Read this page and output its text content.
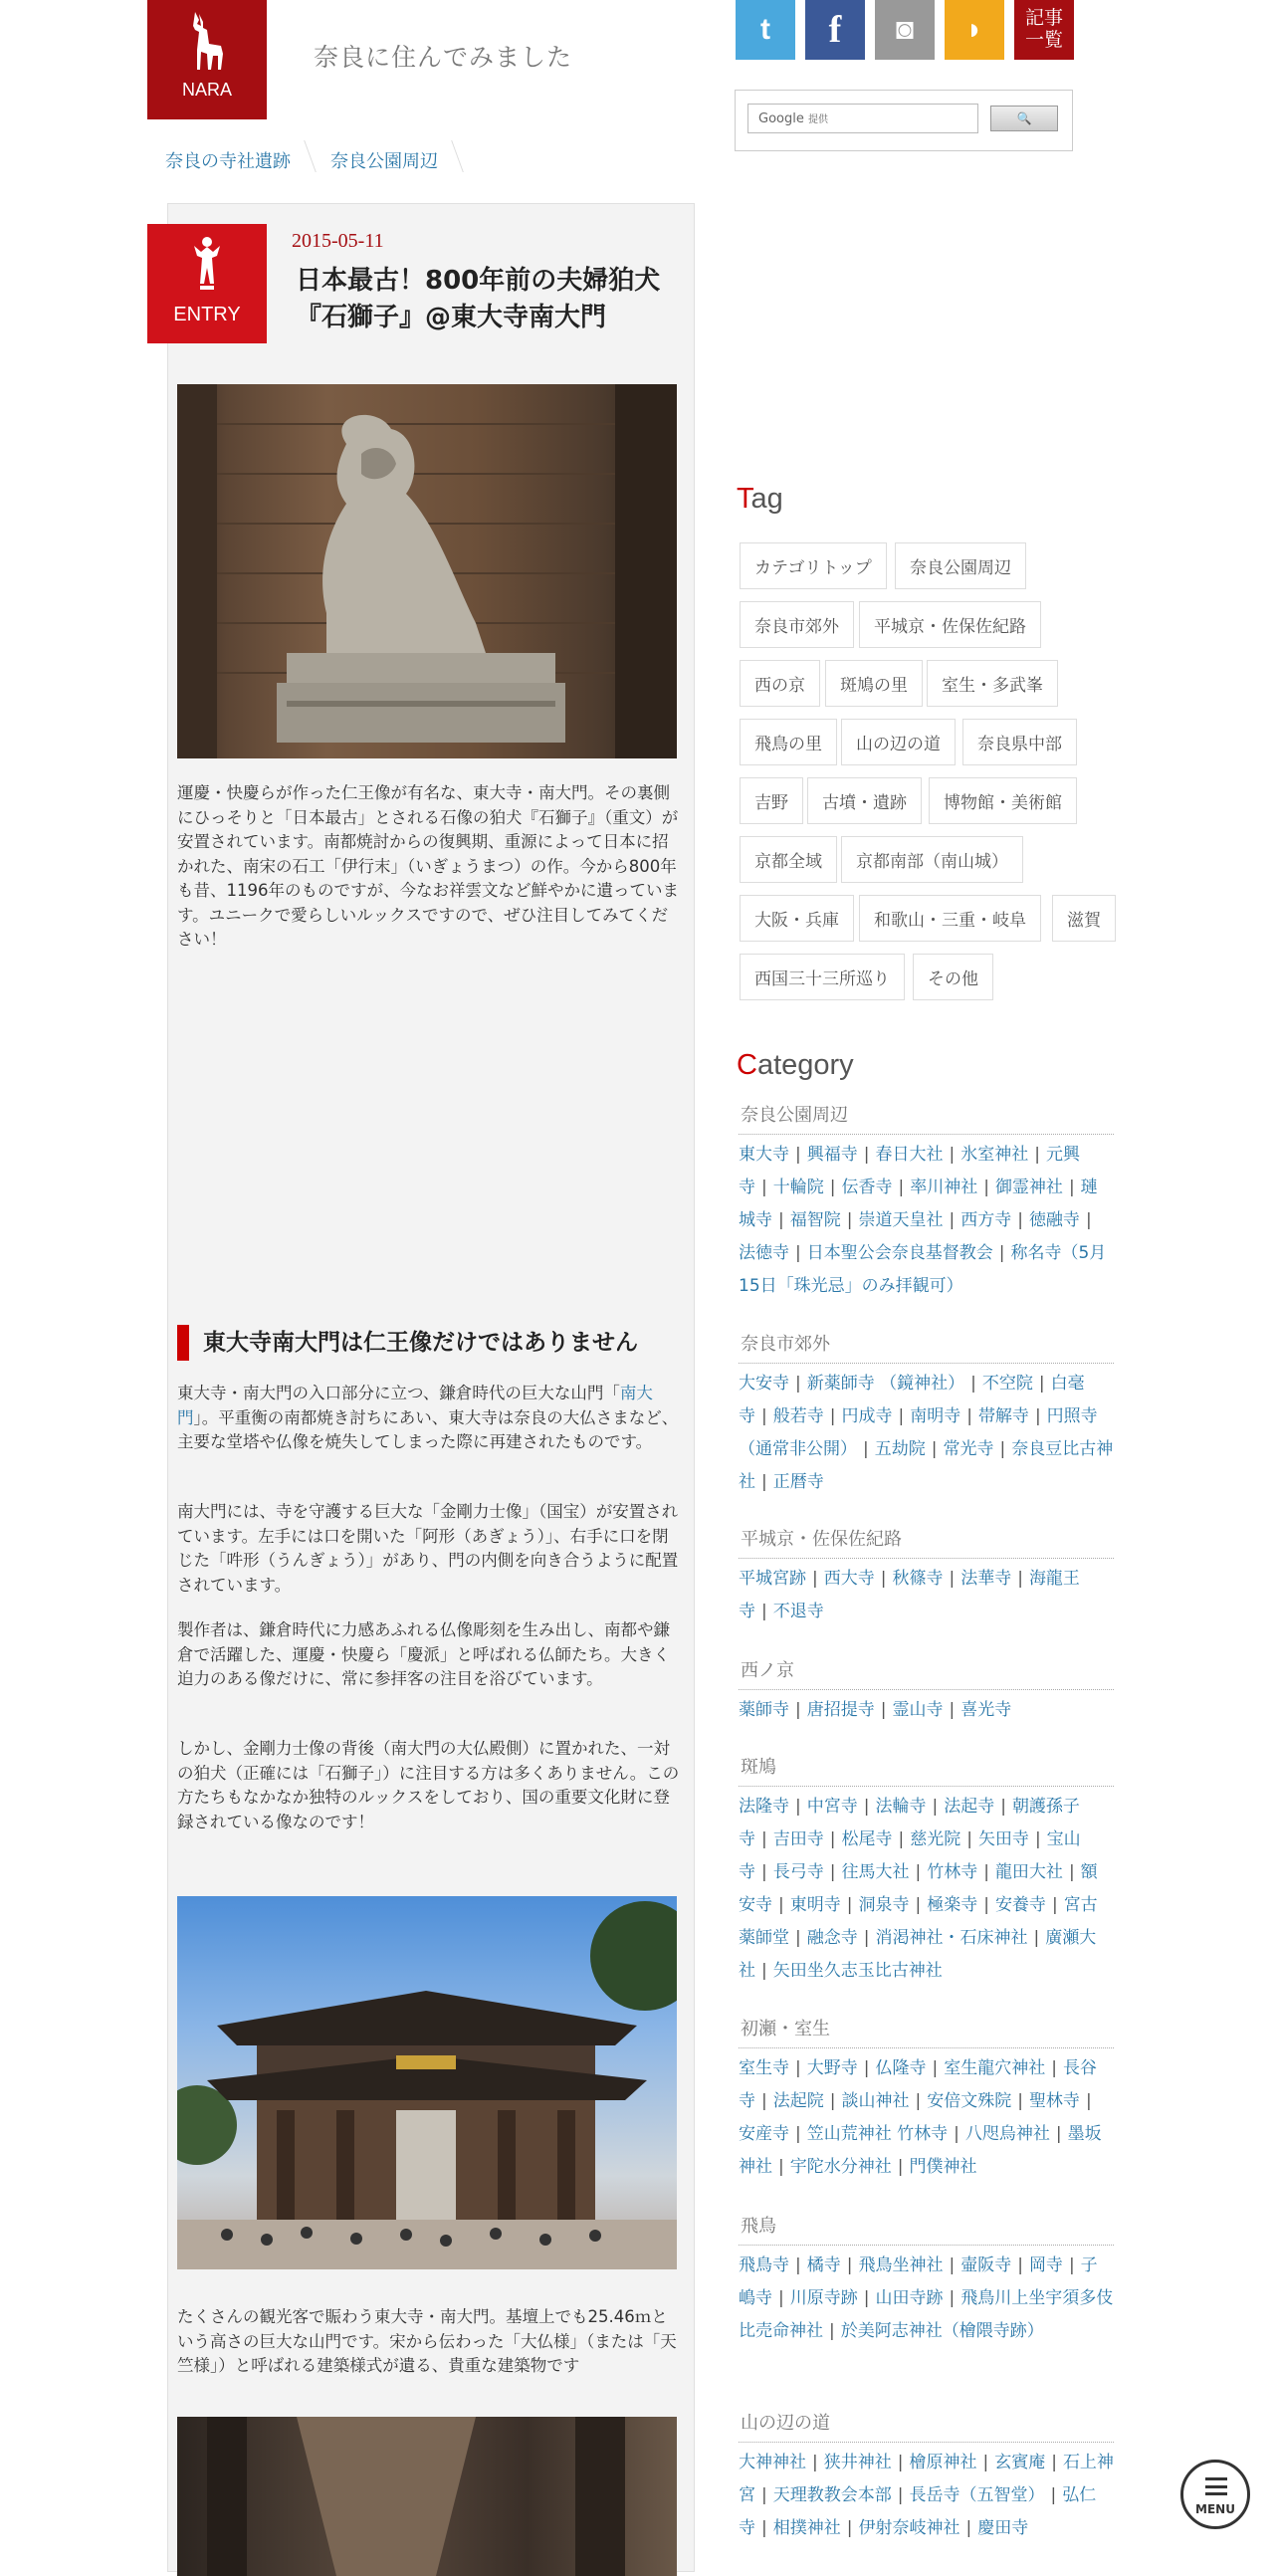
NARA
奈良に住んでみました
t	f	◙	◗	記事
一覧
Google 提供	🔍
奈良の寺社遺跡 奈良公園周辺
ENTRY
2015-05-11
日本最古！800年前の夫婦狛犬
『石獅子』@東大寺南大門

運慶・快慶らが作った仁王像が有名な、東大寺・南大門。その裏側にひっそりと「日本最古」とされる石像の狛犬『石獅子』（重文）が安置されています。南都焼討からの復興期、重源によって日本に招かれた、南宋の石工「伊行末」（いぎょうまつ）の作。今から800年も昔、1196年のものですが、今なお祥雲文など鮮やかに遺っています。ユニークで愛らしいルックスですので、ぜひ注目してみてください！

東大寺南大門は仁王像だけではありません

東大寺・南大門の入口部分に立つ、鎌倉時代の巨大な山門「南大門」。平重衡の南都焼き討ちにあい、東大寺は奈良の大仏さまなど、主要な堂塔や仏像を焼失してしまった際に再建されたものです。

南大門には、寺を守護する巨大な「金剛力士像」（国宝）が安置されています。左手には口を開いた「阿形（あぎょう）」、右手に口を閉じた「吽形（うんぎょう）」があり、門の内側を向き合うように配置されています。

製作者は、鎌倉時代に力感あふれる仏像彫刻を生み出し、南都や鎌倉で活躍した、運慶・快慶ら「慶派」と呼ばれる仏師たち。大きく迫力のある像だけに、常に参拝客の注目を浴びています。

しかし、金剛力士像の背後（南大門の大仏殿側）に置かれた、一対の狛犬（正確には「石獅子」）に注目する方は多くありません。この方たちもなかなか独特のルックスをしており、国の重要文化財に登録されている像なのです！

たくさんの観光客で賑わう東大寺・南大門。基壇上でも25.46ｍという高さの巨大な山門です。宋から伝わった「大仏様」（または「天竺様」）と呼ばれる建築様式が遺る、貴重な建築物です

Tag
カテゴリトップ	奈良公園周辺
奈良市郊外	平城京・佐保佐紀路
西の京	斑鳩の里	室生・多武峯
飛鳥の里	山の辺の道	奈良県中部
吉野	古墳・遺跡	博物館・美術館
京都全域	京都南部（南山城）
大阪・兵庫	和歌山・三重・岐阜	滋賀
西国三十三所巡り	その他
Category
奈良公園周辺
東大寺 | 興福寺 | 春日大社 | 氷室神社 | 元興寺 | 十輪院 | 伝香寺 | 率川神社 | 御霊神社 | 璉城寺 | 福智院 | 崇道天皇社 | 西方寺 | 徳融寺 |法徳寺 | 日本聖公会奈良基督教会 | 称名寺（5月15日「珠光忌」のみ拝観可）
奈良市郊外
大安寺 | 新薬師寺 （鏡神社） | 不空院 | 白毫寺 | 般若寺 | 円成寺 | 南明寺 | 帯解寺 | 円照寺（通常非公開） | 五劫院 | 常光寺 | 奈良豆比古神社 | 正暦寺
平城京・佐保佐紀路
平城宮跡 | 西大寺 | 秋篠寺 | 法華寺 | 海龍王寺 | 不退寺
西ノ京
薬師寺 | 唐招提寺 | 霊山寺 | 喜光寺
斑鳩
法隆寺 | 中宮寺 | 法輪寺 | 法起寺 | 朝護孫子寺 | 吉田寺 | 松尾寺 | 慈光院 | 矢田寺 | 宝山寺 | 長弓寺 | 往馬大社 | 竹林寺 | 龍田大社 | 額安寺 | 東明寺 | 洞泉寺 | 極楽寺 | 安養寺 | 宮古薬師堂 | 融念寺 | 消渇神社・石床神社 | 廣瀬大社 | 矢田坐久志玉比古神社
初瀬・室生
室生寺 | 大野寺 | 仏隆寺 | 室生龍穴神社 | 長谷寺 | 法起院 | 談山神社 | 安倍文殊院 | 聖林寺 |安産寺 | 笠山荒神社 竹林寺 | 八咫烏神社 | 墨坂神社 | 宇陀水分神社 | 門僕神社
飛鳥
飛鳥寺 | 橘寺 | 飛鳥坐神社 | 壷阪寺 | 岡寺 | 子嶋寺 | 川原寺跡 | 山田寺跡 | 飛鳥川上坐宇須多伎比売命神社 | 於美阿志神社（檜隈寺跡）
山の辺の道
大神神社 | 狭井神社 | 檜原神社 | 玄賓庵 | 石上神宮 | 天理教教会本部 | 長岳寺（五智堂） | 弘仁寺 | 相撲神社 | 伊射奈岐神社 | 慶田寺
MENU
